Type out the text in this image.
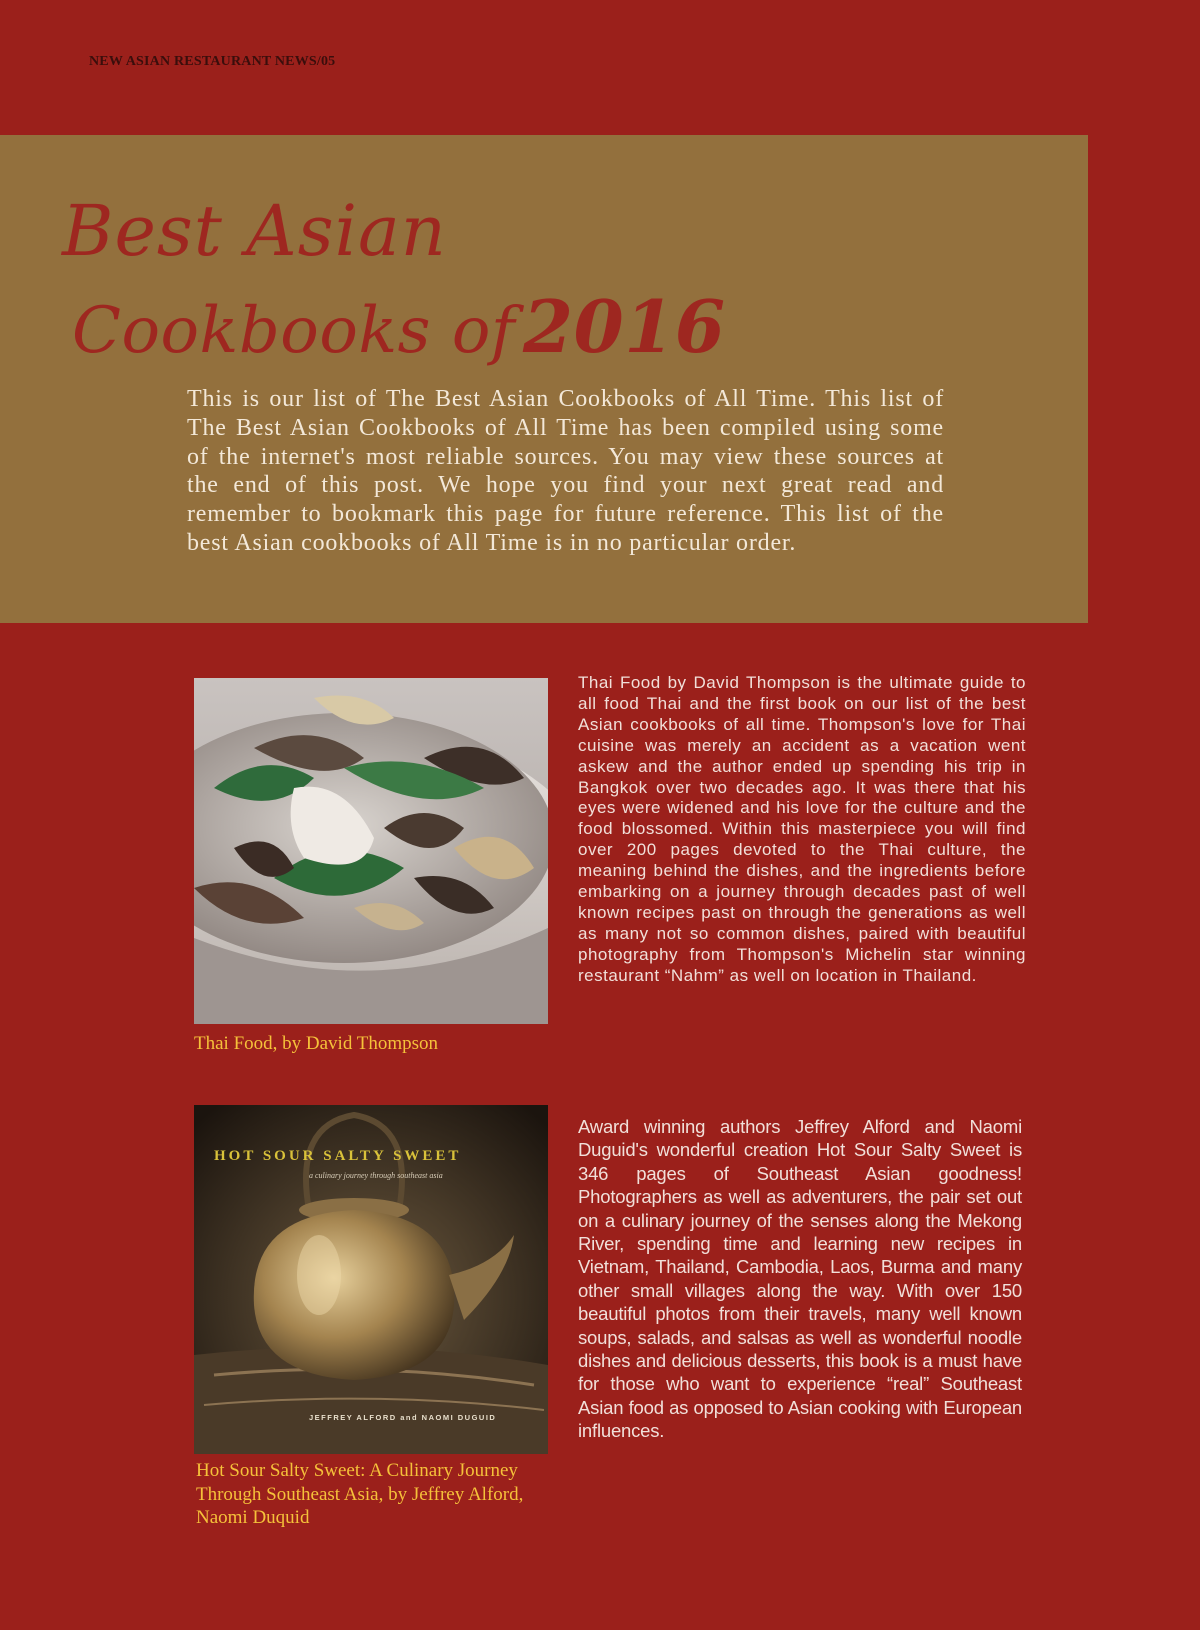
NEW ASIAN RESTAURANT NEWS/05
Best Asian
Cookbooks of 2016
This is our list of The Best Asian Cookbooks of All Time. This list of The Best Asian Cookbooks of All Time has been compiled using some of the internet's most reliable sources. You may view these sources at the end of this post. We hope you find your next great read and remember to bookmark this page for future reference. This list of the best Asian cookbooks of All Time is in no particular order.
Thai Food, by David Thompson
Thai Food by David Thompson is the ultimate guide to all food Thai and the first book on our list of the best Asian cookbooks of all time. Thompson's love for Thai cuisine was merely an accident as a vacation went askew and the author ended up spending his trip in Bangkok over two decades ago. It was there that his eyes were widened and his love for the culture and the food blossomed. Within this masterpiece you will find over 200 pages devoted to the Thai culture, the meaning behind the dishes, and the ingredients before embarking on a journey through decades past of well known recipes past on through the generations as well as many not so common dishes, paired with beautiful photography from Thompson's Michelin star winning restaurant “Nahm” as well on location in Thailand.
HOT SOUR SALTY SWEET
a culinary journey through southeast asia
JEFFREY ALFORD and NAOMI DUGUID
Hot Sour Salty Sweet: A Culinary Journey Through Southeast Asia, by Jeffrey Alford, Naomi Duquid
Award winning authors Jeffrey Alford and Naomi Duguid's wonderful creation Hot Sour Salty Sweet is 346 pages of Southeast Asian goodness! Photographers as well as adventurers, the pair set out on a culinary journey of the senses along the Mekong River, spending time and learning new recipes in Vietnam, Thailand, Cambodia, Laos, Burma and many other small villages along the way. With over 150 beautiful photos from their travels, many well known soups, salads, and salsas as well as wonderful noodle dishes and delicious desserts, this book is a must have for those who want to experience “real” Southeast Asian food as opposed to Asian cooking with European influences.
